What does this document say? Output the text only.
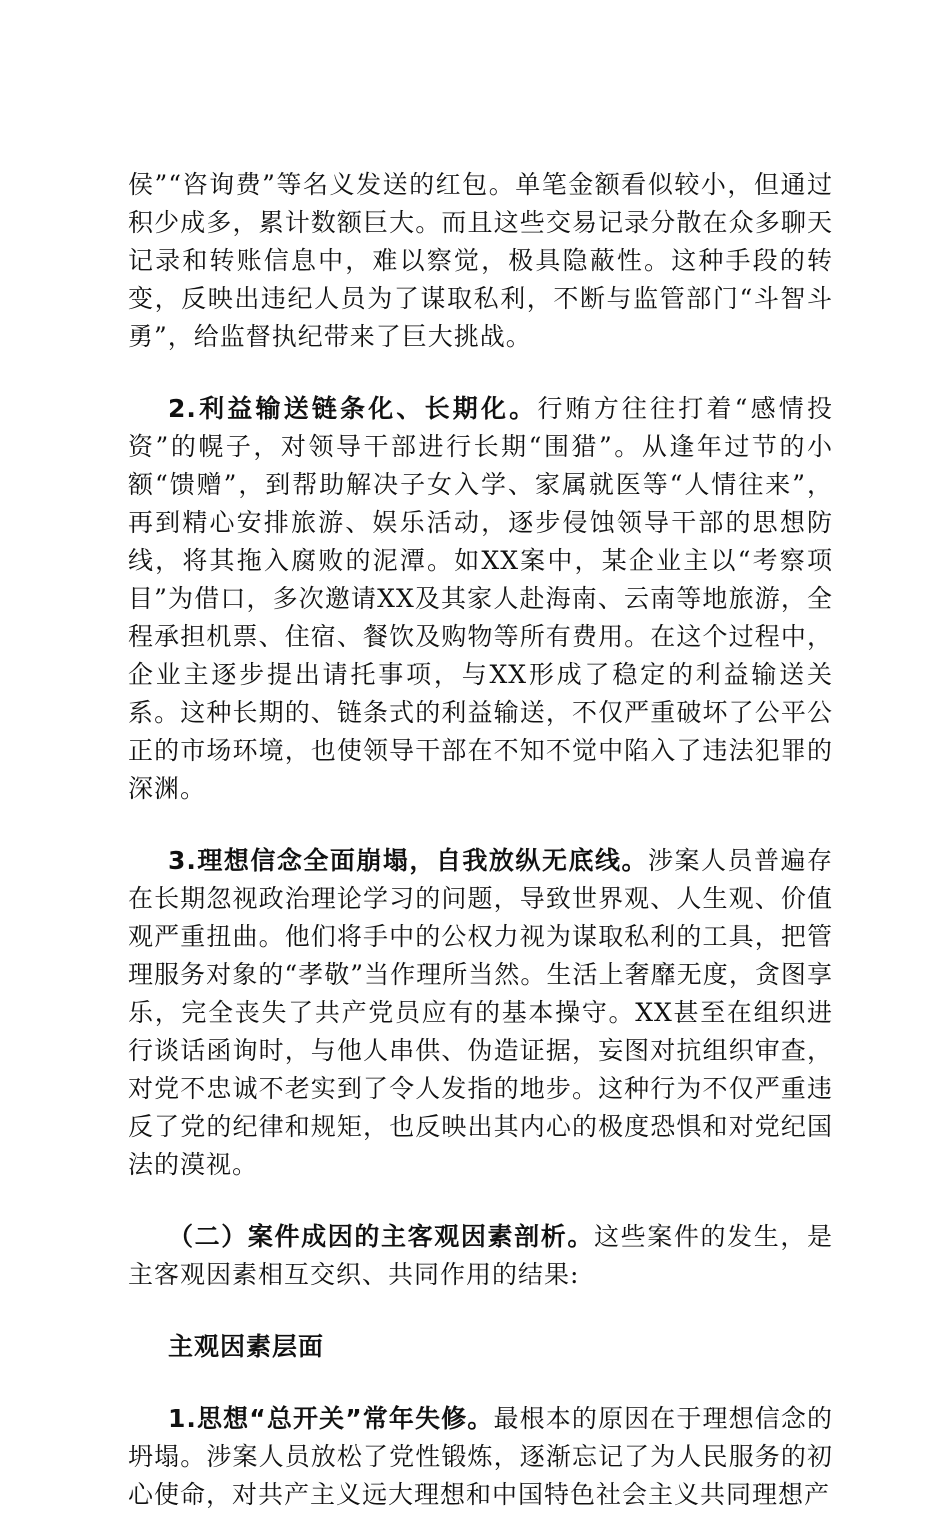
侯”“咨询费”等名义发送的红包。单笔金额看似较小，但通过积少成多，累计数额巨大。而且这些交易记录分散在众多聊天记录和转账信息中，难以察觉，极具隐蔽性。这种手段的转变，反映出违纪人员为了谋取私利，不断与监管部门“斗智斗勇”，给监督执纪带来了巨大挑战。

2.利益输送链条化、长期化。行贿方往往打着“感情投资”的幌子，对领导干部进行长期“围猎”。从逢年过节的小额“馈赠”，到帮助解决子女入学、家属就医等“人情往来”，再到精心安排旅游、娱乐活动，逐步侵蚀领导干部的思想防线，将其拖入腐败的泥潭。如XX案中，某企业主以“考察项目”为借口，多次邀请XX及其家人赴海南、云南等地旅游，全程承担机票、住宿、餐饮及购物等所有费用。在这个过程中，企业主逐步提出请托事项，与XX形成了稳定的利益输送关系。这种长期的、链条式的利益输送，不仅严重破坏了公平公正的市场环境，也使领导干部在不知不觉中陷入了违法犯罪的深渊。

3.理想信念全面崩塌，自我放纵无底线。涉案人员普遍存在长期忽视政治理论学习的问题，导致世界观、人生观、价值观严重扭曲。他们将手中的公权力视为谋取私利的工具，把管理服务对象的“孝敬”当作理所当然。生活上奢靡无度，贪图享乐，完全丧失了共产党员应有的基本操守。XX甚至在组织进行谈话函询时，与他人串供、伪造证据，妄图对抗组织审查，对党不忠诚不老实到了令人发指的地步。这种行为不仅严重违反了党的纪律和规矩，也反映出其内心的极度恐惧和对党纪国法的漠视。

（二）案件成因的主客观因素剖析。这些案件的发生，是主客观因素相互交织、共同作用的结果:

主观因素层面

1.思想“总开关”常年失修。最根本的原因在于理想信念的坍塌。涉案人员放松了党性锻炼，逐渐忘记了为人民服务的初心使命，对共产主义远大理想和中国特色社会主义共同理想产
